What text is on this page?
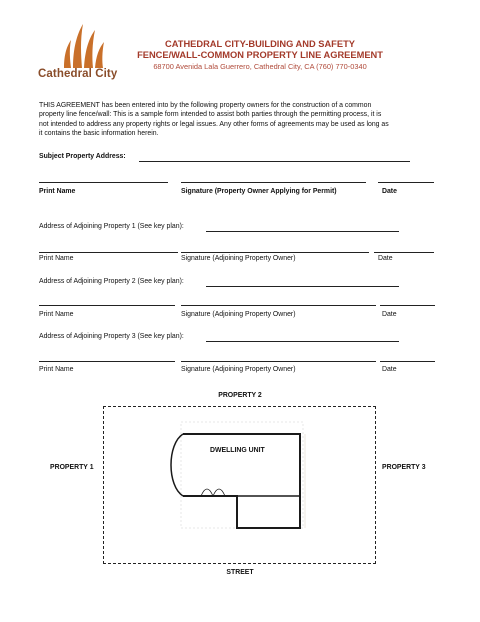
Cathedral City
CATHEDRAL CITY-BUILDING AND SAFETY
FENCE/WALL-COMMON PROPERTY LINE AGREEMENT
68700 Avenida Lala Guerrero, Cathedral City, CA (760) 770-0340
THIS AGREEMENT has been entered into by the following property owners for the construction of a common
property line fence/wall: This is a sample form intended to assist both parties through the permitting process, it is
not intended to address any property rights or legal issues. Any other forms of agreements may be used as long as
it contains the basic information herein.
Subject Property Address:
Print Name	Signature (Property Owner Applying for Permit)	Date
Address of Adjoining Property 1 (See key plan):
Print Name	Signature (Adjoining Property Owner)	Date
Address of Adjoining Property 2 (See key plan):
Print Name	Signature (Adjoining Property Owner)	Date
Address of Adjoining Property 3 (See key plan):
Print Name	Signature (Adjoining Property Owner)	Date
PROPERTY 2
PROPERTY 1	PROPERTY 3
STREET
DWELLING UNIT
